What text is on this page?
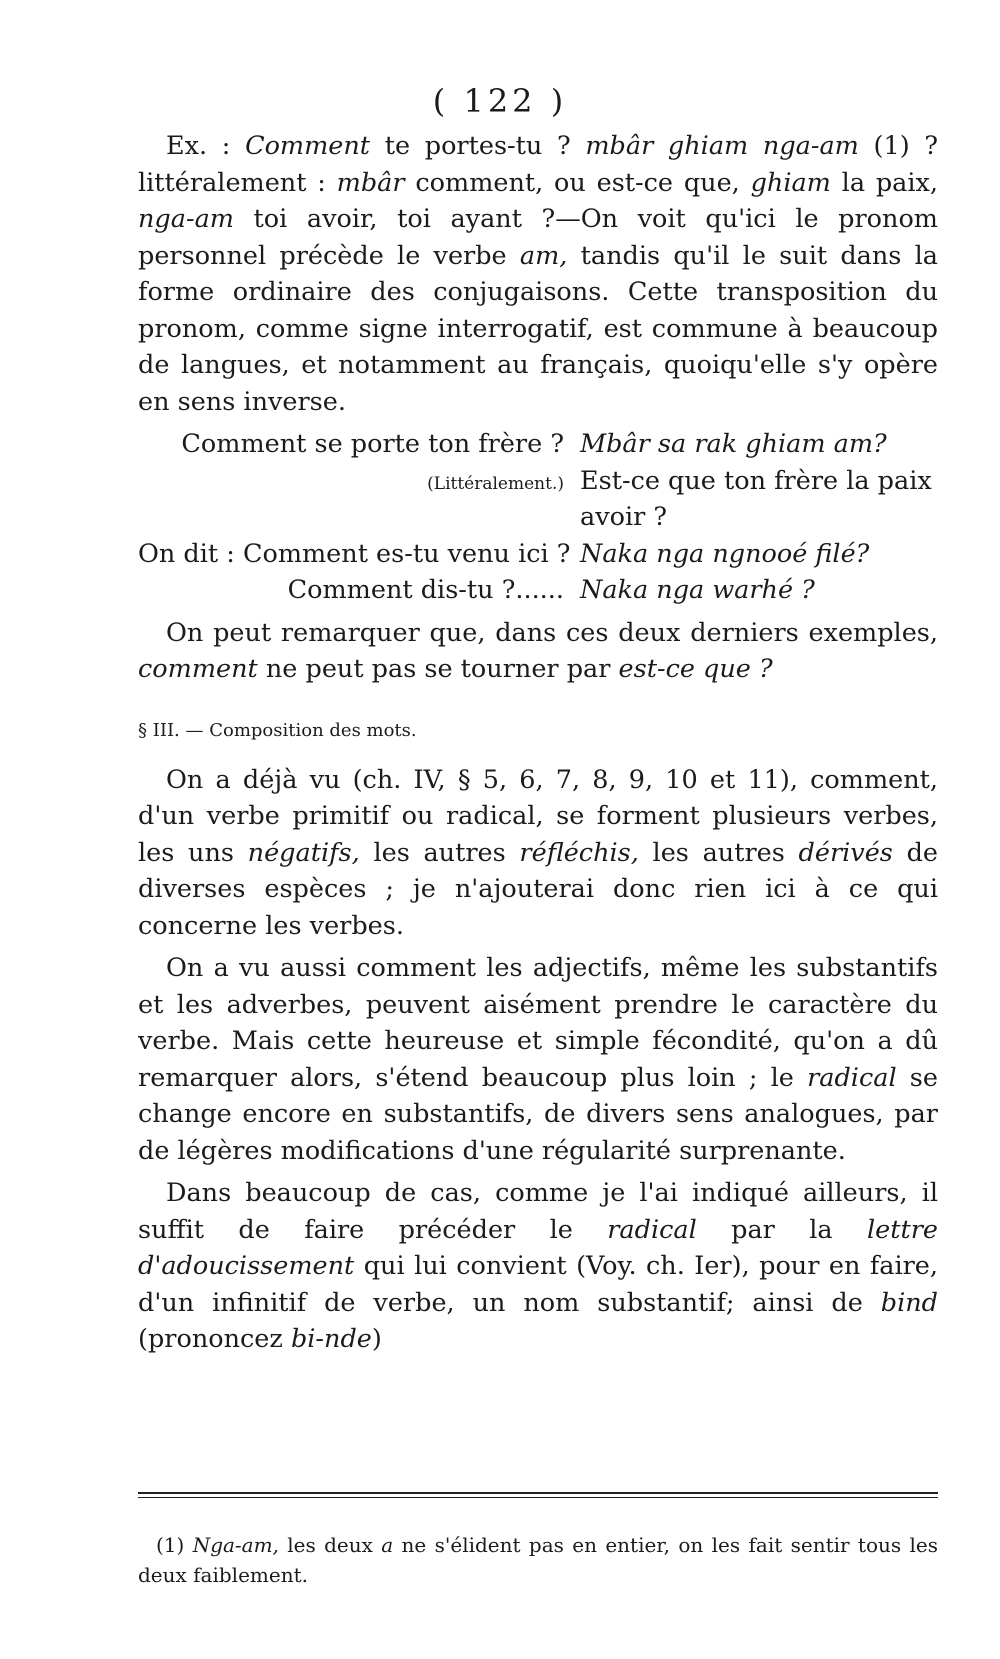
( 122 )

Ex. : Comment te portes-tu ? mbâr ghiam nga-am (1) ? littéralement : mbâr comment, ou est-ce que, ghiam la paix, nga-am toi avoir, toi ayant ?—On voit qu'ici le pronom personnel précède le verbe am, tandis qu'il le suit dans la forme ordinaire des conjugaisons. Cette transposition du pronom, comme signe interrogatif, est commune à beaucoup de langues, et notamment au français, quoiqu'elle s'y opère en sens inverse.

Comment se porte ton frère ? Mbâr sa rak ghiam am?
(Littéralement.) Est-ce que ton frère la paix
avoir ?
On dit : Comment es-tu venu ici ? Naka nga ngnooé filé?
Comment dis-tu ?...... Naka nga warhé ?

On peut remarquer que, dans ces deux derniers exemples, comment ne peut pas se tourner par est-ce que ?

§ III. — Composition des mots.

On a déjà vu (ch. IV, § 5, 6, 7, 8, 9, 10 et 11), comment, d'un verbe primitif ou radical, se forment plusieurs verbes, les uns négatifs, les autres réfléchis, les autres dérivés de diverses espèces ; je n'ajouterai donc rien ici à ce qui concerne les verbes.

On a vu aussi comment les adjectifs, même les substantifs et les adverbes, peuvent aisément prendre le caractère du verbe. Mais cette heureuse et simple fécondité, qu'on a dû remarquer alors, s'étend beaucoup plus loin ; le radical se change encore en substantifs, de divers sens analogues, par de légères modifications d'une régularité surprenante.

Dans beaucoup de cas, comme je l'ai indiqué ailleurs, il suffit de faire précéder le radical par la lettre d'adoucissement qui lui convient (Voy. ch. Ier), pour en faire, d'un infinitif de verbe, un nom substantif; ainsi de bind (prononcez bi-nde)

(1) Nga-am, les deux a ne s'élident pas en entier, on les fait sentir tous les deux faiblement.
